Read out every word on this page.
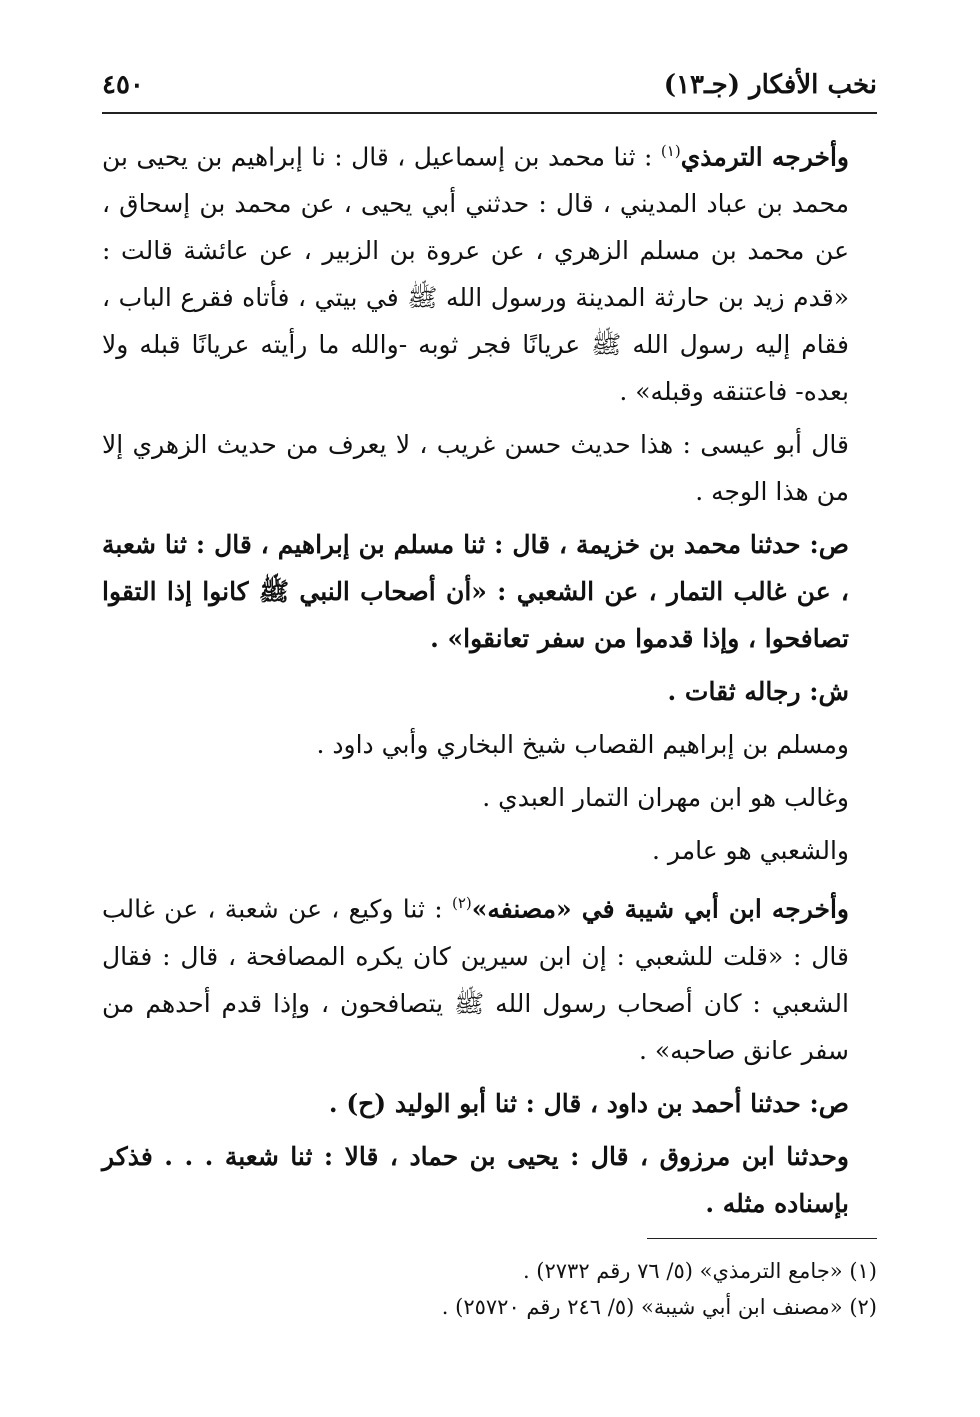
نخب الأفكار (جـ١٣)
٤٥٠

وأخرجه الترمذي$^{(١)}$ : ثنا محمد بن إسماعيل ، قال : نا إبراهيم بن يحيى بن محمد بن عباد المديني ، قال : حدثني أبي يحيى ، عن محمد بن إسحاق ، عن محمد بن مسلم الزهري ، عن عروة بن الزبير ، عن عائشة قالت : «قدم زيد بن حارثة المدينة ورسول الله ﷺ في بيتي ، فأتاه فقرع الباب ، فقام إليه رسول الله ﷺ عريانًا فجر ثوبه -والله ما رأيته عريانًا قبله ولا بعده- فاعتنقه وقبله» .

قال أبو عيسى : هذا حديث حسن غريب ، لا يعرف من حديث الزهري إلا من هذا الوجه .

ص: حدثنا محمد بن خزيمة ، قال : ثنا مسلم بن إبراهيم ، قال : ثنا شعبة ، عن غالب التمار ، عن الشعبي : «أن أصحاب النبي ﷺ كانوا إذا التقوا تصافحوا ، وإذا قدموا من سفر تعانقوا» .

ش: رجاله ثقات .

ومسلم بن إبراهيم القصاب شيخ البخاري وأبي داود .

وغالب هو ابن مهران التمار العبدي .

والشعبي هو عامر .

وأخرجه ابن أبي شيبة في «مصنفه»$^{(٢)}$ : ثنا وكيع ، عن شعبة ، عن غالب قال : «قلت للشعبي : إن ابن سيرين كان يكره المصافحة ، قال : فقال الشعبي : كان أصحاب رسول الله ﷺ يتصافحون ، وإذا قدم أحدهم من سفر عانق صاحبه» .

ص: حدثنا أحمد بن داود ، قال : ثنا أبو الوليد (ح) .

وحدثنا ابن مرزوق ، قال : يحيى بن حماد ، قالا : ثنا شعبة . . . فذكر بإسناده مثله .

(١) «جامع الترمذي» (٥/ ٧٦ رقم ٢٧٣٢) .
(٢) «مصنف ابن أبي شيبة» (٥/ ٢٤٦ رقم ٢٥٧٢٠) .
